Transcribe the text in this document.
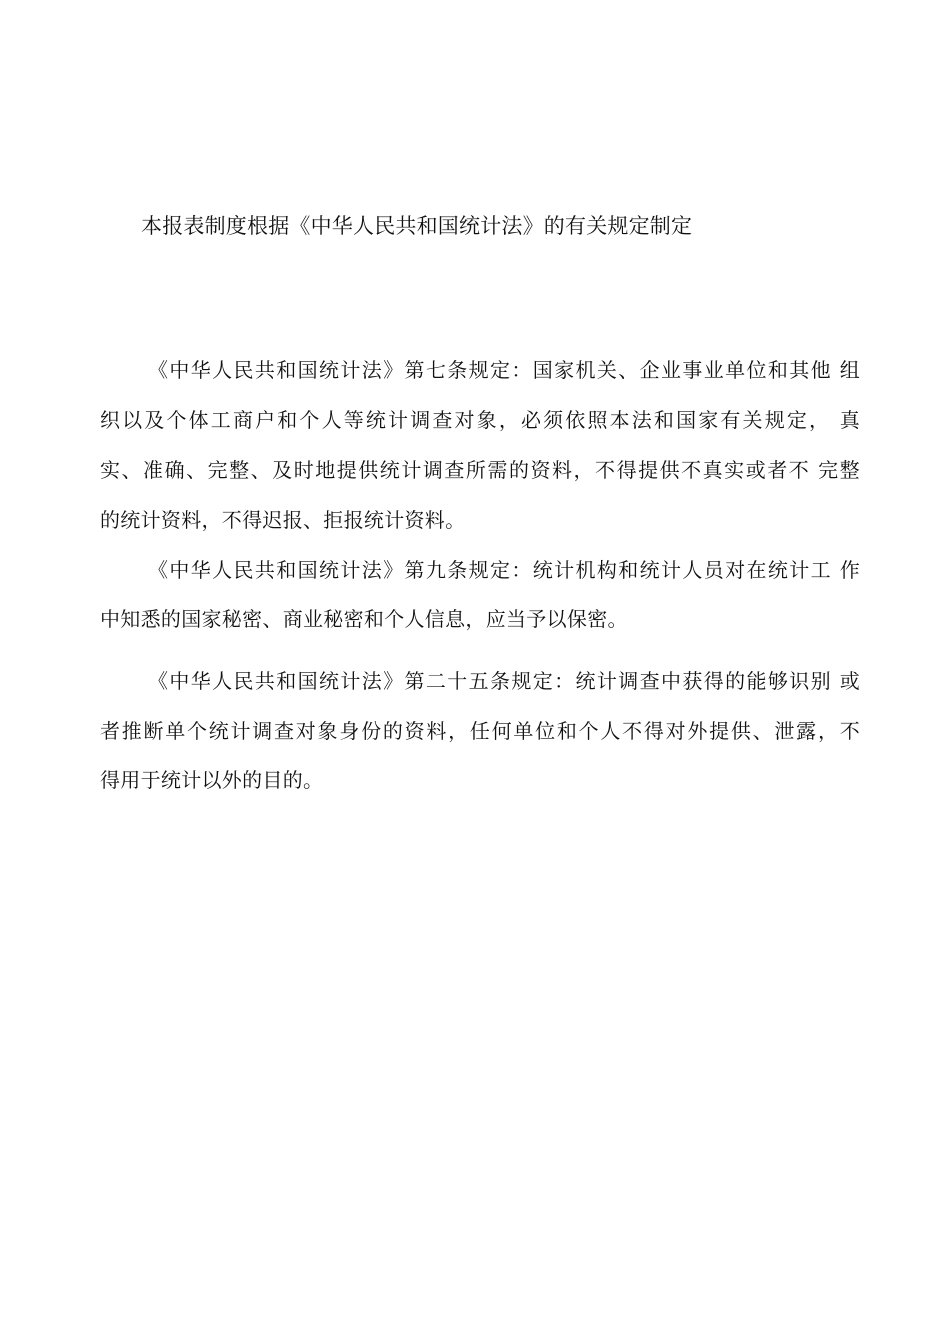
本报表制度根据《中华人民共和国统计法》的有关规定制定
《中华人民共和国统计法》第七条规定：国家机关、企业事业单位和其他 组
织以及个体工商户和个人等统计调查对象，必须依照本法和国家有关规定， 真
实、准确、完整、及时地提供统计调查所需的资料，不得提供不真实或者不 完整
的统计资料，不得迟报、拒报统计资料。
《中华人民共和国统计法》第九条规定：统计机构和统计人员对在统计工 作
中知悉的国家秘密、商业秘密和个人信息，应当予以保密。
《中华人民共和国统计法》第二十五条规定：统计调查中获得的能够识别 或
者推断单个统计调查对象身份的资料，任何单位和个人不得对外提供、泄露，不
得用于统计以外的目的。
